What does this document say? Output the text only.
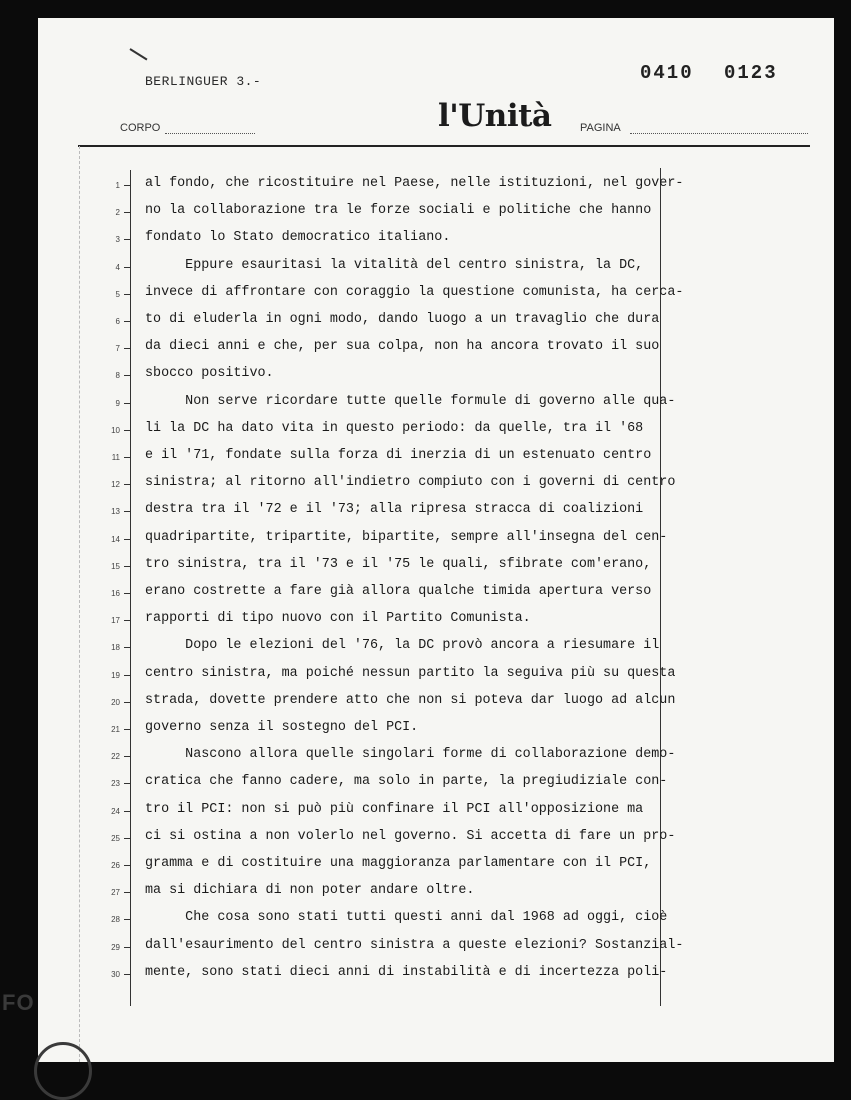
BERLINGUER 3.-	0410 0123
l'Unità
CORPO	PAGINA
1 al fondo, che ricostituire nel Paese, nelle istituzioni, nel gover-
2 no la collaborazione tra le forze sociali e politiche che hanno
3 fondato lo Stato democratico italiano.
4 Eppure esauritasi la vitalità del centro sinistra, la DC,
5 invece di affrontare con coraggio la questione comunista, ha cerca-
6 to di eluderla in ogni modo, dando luogo a un travaglio che dura
7 da dieci anni e che, per sua colpa, non ha ancora trovato il suo
8 sbocco positivo.
9 Non serve ricordare tutte quelle formule di governo alle qua-
10 li la DC ha dato vita in questo periodo: da quelle, tra il '68
11 e il '71, fondate sulla forza di inerzia di un estenuato centro
12 sinistra; al ritorno all'indietro compiuto con i governi di centro
13 destra tra il '72 e il '73; alla ripresa stracca di coalizioni
14 quadripartite, tripartite, bipartite, sempre all'insegna del cen-
15 tro sinistra, tra il '73 e il '75 le quali, sfibrate com'erano,
16 erano costrette a fare già allora qualche timida apertura verso
17 rapporti di tipo nuovo con il Partito Comunista.
18 Dopo le elezioni del '76, la DC provò ancora a riesumare il
19 centro sinistra, ma poiché nessun partito la seguiva più su questa
20 strada, dovette prendere atto che non si poteva dar luogo ad alcun
21 governo senza il sostegno del PCI.
22 Nascono allora quelle singolari forme di collaborazione demo-
23 cratica che fanno cadere, ma solo in parte, la pregiudiziale con-
24 tro il PCI: non si può più confinare il PCI all'opposizione ma
25 ci si ostina a non volerlo nel governo. Si accetta di fare un pro-
26 gramma e di costituire una maggioranza parlamentare con il PCI,
27 ma si dichiara di non poter andare oltre.
28 Che cosa sono stati tutti questi anni dal 1968 ad oggi, cioè
29 dall'esaurimento del centro sinistra a queste elezioni? Sostanzial-
30 mente, sono stati dieci anni di instabilità e di incertezza poli-
FO
